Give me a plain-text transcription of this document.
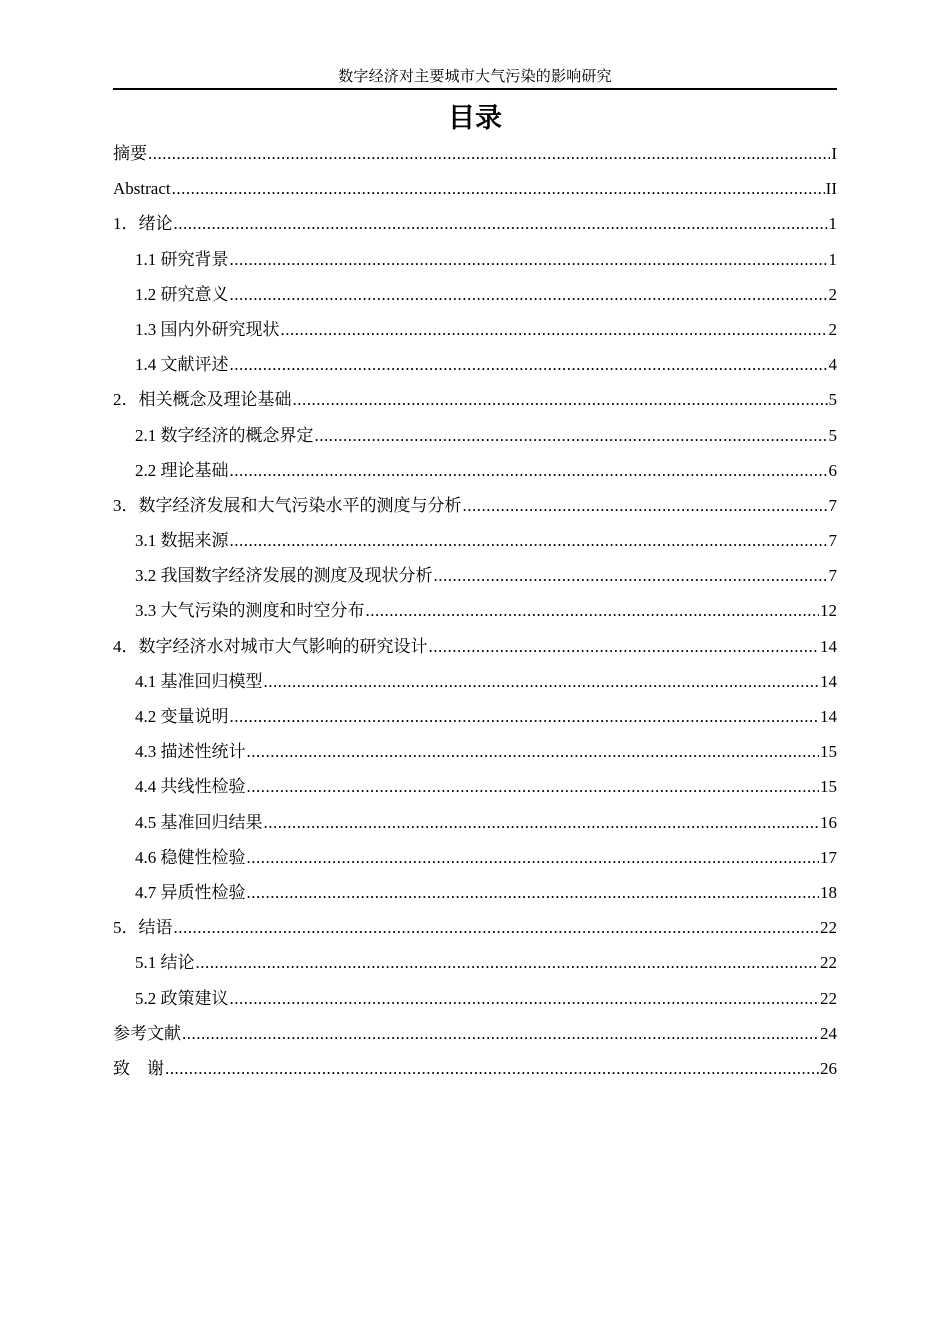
数字经济对主要城市大气污染的影响研究
目录
摘要 .....	I
Abstract .....	II
1．绪论 .....	1
1.1 研究背景 .....	1
1.2 研究意义 .....	2
1.3 国内外研究现状 .....	2
1.4 文献评述 .....	4
2．相关概念及理论基础 .....	5
2.1 数字经济的概念界定 .....	5
2.2 理论基础 .....	6
3．数字经济发展和大气污染水平的测度与分析 .....	7
3.1 数据来源 .....	7
3.2 我国数字经济发展的测度及现状分析 .....	7
3.3 大气污染的测度和时空分布 .....	12
4．数字经济水对城市大气影响的研究设计 .....	14
4.1 基准回归模型 .....	14
4.2 变量说明 .....	14
4.3 描述性统计 .....	15
4.4 共线性检验 .....	15
4.5 基准回归结果 .....	16
4.6 稳健性检验 .....	17
4.7 异质性检验 .....	18
5．结语 .....	22
5.1 结论 .....	22
5.2 政策建议 .....	22
参考文献 .....	24
致　谢 .....	26
